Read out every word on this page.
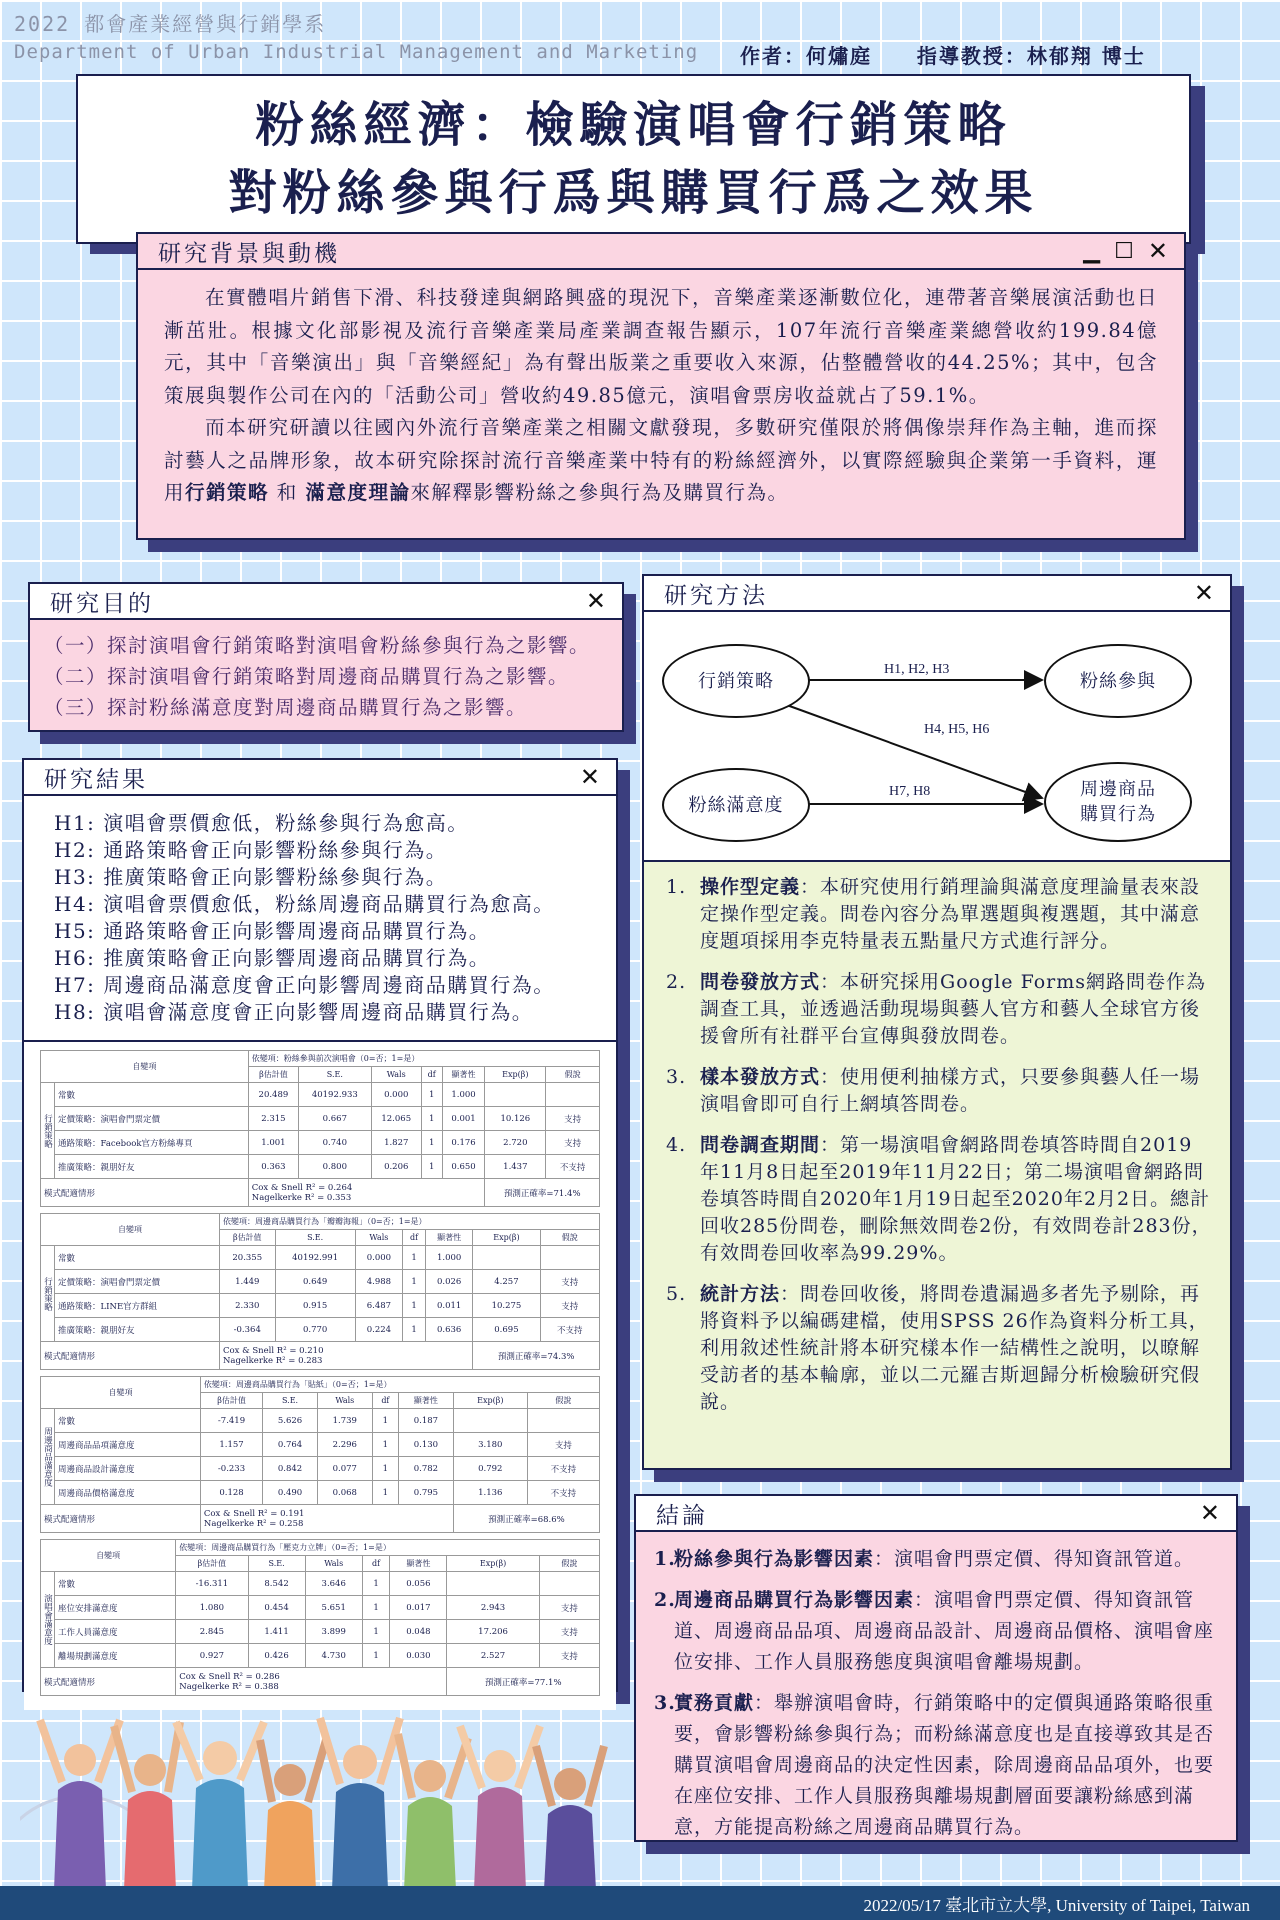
2022 都會產業經營與行銷學系
Department of Urban Industrial Management and Marketing 作者：何熽庭     指導教授：林郁翔 博士
粉絲經濟：檢驗演唱會行銷策略
對粉絲參與行爲與購買行爲之效果
研究背景與動機	▁ ☐ ✕

在實體唱片銷售下滑、科技發達與網路興盛的現況下，音樂產業逐漸數位化，連帶著音樂展演活動也日漸茁壯。根據文化部影視及流行音樂產業局產業調查報告顯示，107年流行音樂產業總營收約199.84億元，其中「音樂演出」與「音樂經紀」為有聲出版業之重要收入來源，佔整體營收的44.25%；其中，包含策展與製作公司在內的「活動公司」營收約49.85億元，演唱會票房收益就占了59.1%。

而本研究研讀以往國內外流行音樂產業之相關文獻發現，多數研究僅限於將偶像崇拜作為主軸，進而探討藝人之品牌形象，故本研究除探討流行音樂產業中特有的粉絲經濟外，以實際經驗與企業第一手資料，運用行銷策略 和 滿意度理論來解釋影響粉絲之參與行為及購買行為。

研究目的	✕
（一）探討演唱會行銷策略對演唱會粉絲參與行為之影響。
（二）探討演唱會行銷策略對周邊商品購買行為之影響。
（三）探討粉絲滿意度對周邊商品購買行為之影響。
研究結果	✕
H1: 演唱會票價愈低，粉絲參與行為愈高。
H2: 通路策略會正向影響粉絲參與行為。
H3: 推廣策略會正向影響粉絲參與行為。
H4: 演唱會票價愈低，粉絲周邊商品購買行為愈高。
H5: 通路策略會正向影響周邊商品購買行為。
H6: 推廣策略會正向影響周邊商品購買行為。
H7: 周邊商品滿意度會正向影響周邊商品購買行為。
H8: 演唱會滿意度會正向影響周邊商品購買行為。
自變項		依變項：粉絲參與前次演唱會（0=否；1=是）						
		β估計值	S.E.	Wals	df	顯著性	Exp(β)	假說
行銷策略	常數	20.489	40192.933	0.000	1	1.000		
	定價策略：演唱會門票定價	2.315	0.667	12.065	1	0.001	10.126	支持
	通路策略：Facebook官方粉絲專頁	1.001	0.740	1.827	1	0.176	2.720	支持
	推廣策略：親朋好友	0.363	0.800	0.206	1	0.650	1.437	不支持
模式配適情形		Cox & Snell R² = 0.264
Nagelkerke R² = 0.353					預測正確率=71.4%	
自變項		依變項：周邊商品購買行為「瓣瓣海報」（0=否；1=是）						
		β估計值	S.E.	Wals	df	顯著性	Exp(β)	假說
行銷策略	常數	20.355	40192.991	0.000	1	1.000		
	定價策略：演唱會門票定價	1.449	0.649	4.988	1	0.026	4.257	支持
	通路策略：LINE官方群組	2.330	0.915	6.487	1	0.011	10.275	支持
	推廣策略：親朋好友	-0.364	0.770	0.224	1	0.636	0.695	不支持
模式配適情形		Cox & Snell R² = 0.210
Nagelkerke R² = 0.283					預測正確率=74.3%	
自變項		依變項：周邊商品購買行為「貼紙」（0=否；1=是）						
		β估計值	S.E.	Wals	df	顯著性	Exp(β)	假說
周邊商品滿意度	常數	-7.419	5.626	1.739	1	0.187		
	周邊商品品項滿意度	1.157	0.764	2.296	1	0.130	3.180	支持
	周邊商品設計滿意度	-0.233	0.842	0.077	1	0.782	0.792	不支持
	周邊商品價格滿意度	0.128	0.490	0.068	1	0.795	1.136	不支持
模式配適情形		Cox & Snell R² = 0.191
Nagelkerke R² = 0.258					預測正確率=68.6%	
自變項		依變項：周邊商品購買行為「壓克力立牌」（0=否；1=是）						
		β估計值	S.E.	Wals	df	顯著性	Exp(β)	假說
演唱會滿意度	常數	-16.311	8.542	3.646	1	0.056		
	座位安排滿意度	1.080	0.454	5.651	1	0.017	2.943	支持
	工作人員滿意度	2.845	1.411	3.899	1	0.048	17.206	支持
	離場規劃滿意度	0.927	0.426	4.730	1	0.030	2.527	支持
模式配適情形		Cox & Snell R² = 0.286
Nagelkerke R² = 0.388					預測正確率=77.1%	
研究方法	✕
行銷策略
粉絲滿意度
粉絲參與
周邊商品
購買行為
H1, H2, H3
H4, H5, H6
H7, H8
1. 操作型定義：本研究使用行銷理論與滿意度理論量表來設定操作型定義。問卷內容分為單選題與複選題，其中滿意度題項採用李克特量表五點量尺方式進行評分。
2. 問卷發放方式：本研究採用Google Forms網路問卷作為調查工具，並透過活動現場與藝人官方和藝人全球官方後援會所有社群平台宣傳與發放問卷。
3. 樣本發放方式：使用便利抽樣方式，只要參與藝人任一場演唱會即可自行上網填答問卷。
4. 問卷調查期間：第一場演唱會網路問卷填答時間自2019年11月8日起至2019年11月22日；第二場演唱會網路問卷填答時間自2020年1月19日起至2020年2月2日。總計回收285份問卷，刪除無效問卷2份，有效問卷計283份，有效問卷回收率為99.29%。
5. 統計方法：問卷回收後，將問卷遺漏過多者先予剔除，再將資料予以編碼建檔，使用SPSS 26作為資料分析工具，利用敘述性統計將本研究樣本作一結構性之說明，以暸解受訪者的基本輪廓，並以二元羅吉斯迴歸分析檢驗研究假說。
結論	✕
1.
粉絲參與行為影響因素：演唱會門票定價、得知資訊管道。
2.
周邊商品購買行為影響因素：演唱會門票定價、得知資訊管道、周邊商品品項、周邊商品設計、周邊商品價格、演唱會座位安排、工作人員服務態度與演唱會離場規劃。
3.
實務貢獻：舉辦演唱會時，行銷策略中的定價與通路策略很重要，會影響粉絲參與行為；而粉絲滿意度也是直接導致其是否購買演唱會周邊商品的決定性因素，除周邊商品品項外，也要在座位安排、工作人員服務與離場規劃層面要讓粉絲感到滿意，方能提高粉絲之周邊商品購買行為。
2022/05/17 臺北市立大學, University of Taipei, Taiwan
